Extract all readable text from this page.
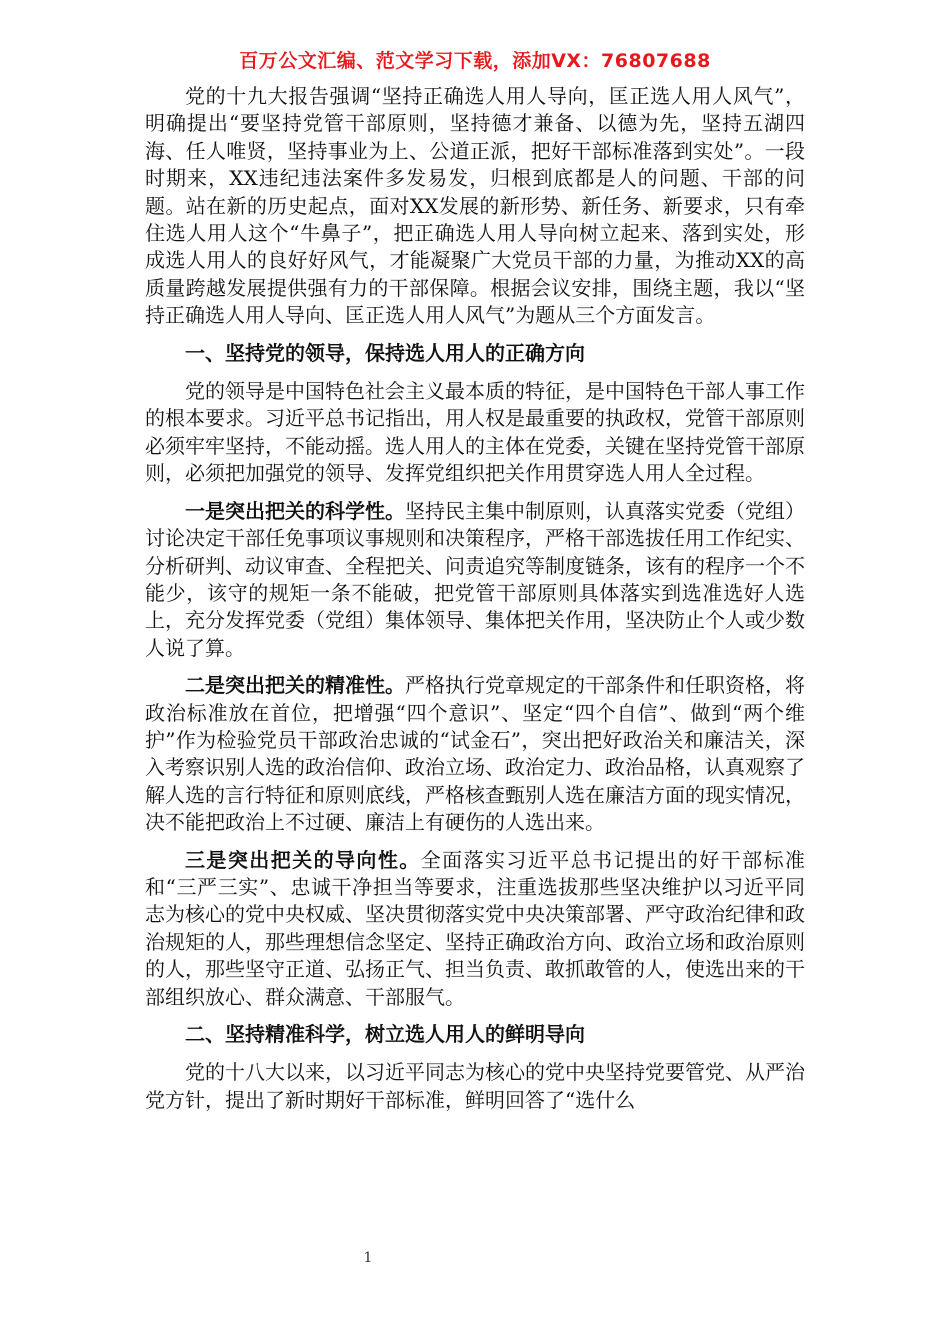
百万公文汇编、范文学习下载，添加VX：76807688

党的十九大报告强调“坚持正确选人用人导向，匡正选人用人风气”，明确提出“要坚持党管干部原则，坚持德才兼备、以德为先，坚持五湖四海、任人唯贤，坚持事业为上、公道正派，把好干部标准落到实处”。一段时期来，XX违纪违法案件多发易发，归根到底都是人的问题、干部的问题。站在新的历史起点，面对XX发展的新形势、新任务、新要求，只有牵住选人用人这个“牛鼻子”，把正确选人用人导向树立起来、落到实处，形成选人用人的良好好风气，才能凝聚广大党员干部的力量，为推动XX的高质量跨越发展提供强有力的干部保障。根据会议安排，围绕主题，我以“坚持正确选人用人导向、匡正选人用人风气”为题从三个方面发言。

一、坚持党的领导，保持选人用人的正确方向

党的领导是中国特色社会主义最本质的特征，是中国特色干部人事工作的根本要求。习近平总书记指出，用人权是最重要的执政权，党管干部原则必须牢牢坚持，不能动摇。选人用人的主体在党委，关键在坚持党管干部原则，必须把加强党的领导、发挥党组织把关作用贯穿选人用人全过程。

一是突出把关的科学性。坚持民主集中制原则，认真落实党委（党组）讨论决定干部任免事项议事规则和决策程序，严格干部选拔任用工作纪实、分析研判、动议审查、全程把关、问责追究等制度链条，该有的程序一个不能少，该守的规矩一条不能破，把党管干部原则具体落实到选准选好人选上，充分发挥党委（党组）集体领导、集体把关作用，坚决防止个人或少数人说了算。

二是突出把关的精准性。严格执行党章规定的干部条件和任职资格，将政治标准放在首位，把增强“四个意识”、坚定“四个自信”、做到“两个维护”作为检验党员干部政治忠诚的“试金石”，突出把好政治关和廉洁关，深入考察识别人选的政治信仰、政治立场、政治定力、政治品格，认真观察了解人选的言行特征和原则底线，严格核查甄别人选在廉洁方面的现实情况，决不能把政治上不过硬、廉洁上有硬伤的人选出来。

三是突出把关的导向性。全面落实习近平总书记提出的好干部标准和“三严三实”、忠诚干净担当等要求，注重选拔那些坚决维护以习近平同志为核心的党中央权威、坚决贯彻落实党中央决策部署、严守政治纪律和政治规矩的人，那些理想信念坚定、坚持正确政治方向、政治立场和政治原则的人，那些坚守正道、弘扬正气、担当负责、敢抓敢管的人，使选出来的干部组织放心、群众满意、干部服气。

二、坚持精准科学，树立选人用人的鲜明导向

党的十八大以来，以习近平同志为核心的党中央坚持党要管党、从严治党方针，提出了新时期好干部标准，鲜明回答了“选什么

1
